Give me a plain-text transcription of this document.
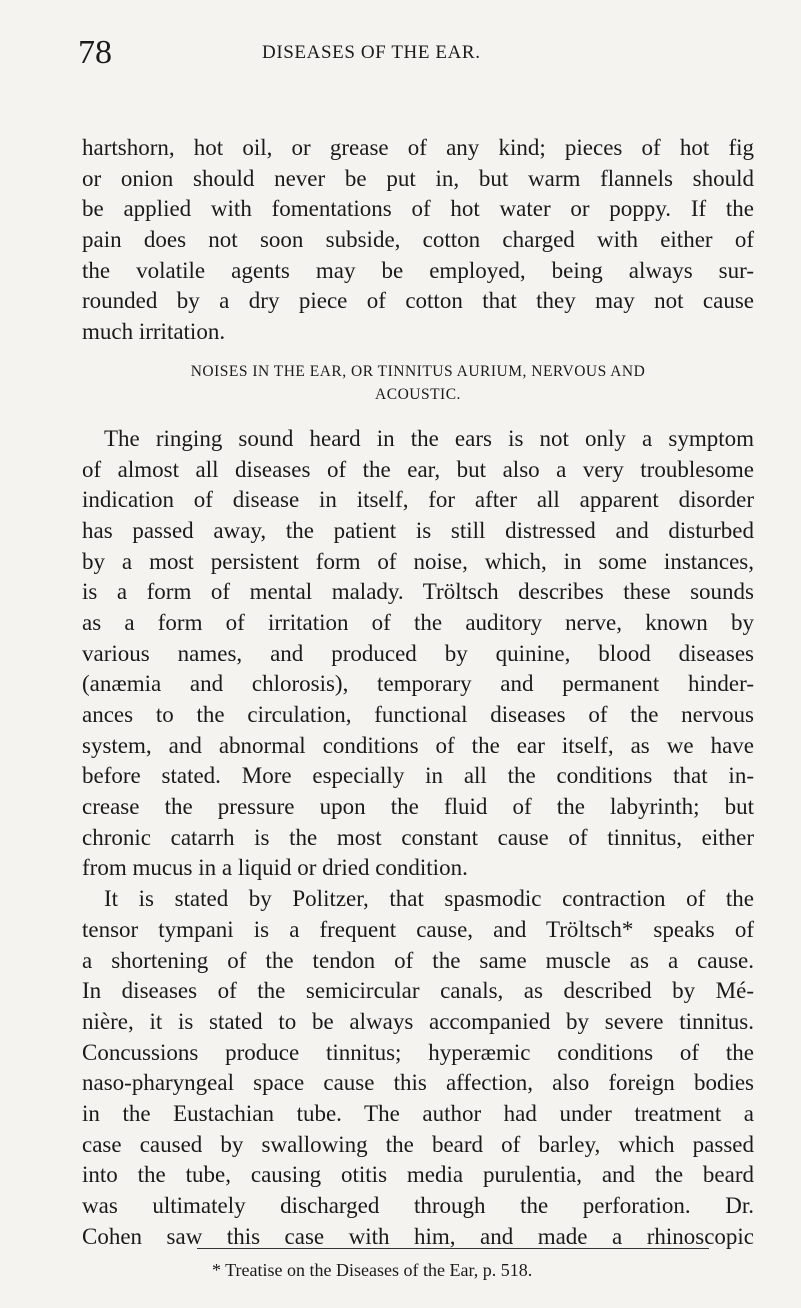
78	DISEASES OF THE EAR.
hartshorn, hot oil, or grease of any kind; pieces of hot fig
or onion should never be put in, but warm flannels should
be applied with fomentations of hot water or poppy. If the
pain does not soon subside, cotton charged with either of
the volatile agents may be employed, being always sur-
rounded by a dry piece of cotton that they may not cause
much irritation.
NOISES IN THE EAR, OR TINNITUS AURIUM, NERVOUS AND
ACOUSTIC.
The ringing sound heard in the ears is not only a symptom
of almost all diseases of the ear, but also a very troublesome
indication of disease in itself, for after all apparent disorder
has passed away, the patient is still distressed and disturbed
by a most persistent form of noise, which, in some instances,
is a form of mental malady. Tröltsch describes these sounds
as a form of irritation of the auditory nerve, known by
various names, and produced by quinine, blood diseases
(anæmia and chlorosis), temporary and permanent hinder-
ances to the circulation, functional diseases of the nervous
system, and abnormal conditions of the ear itself, as we have
before stated. More especially in all the conditions that in-
crease the pressure upon the fluid of the labyrinth; but
chronic catarrh is the most constant cause of tinnitus, either
from mucus in a liquid or dried condition.
It is stated by Politzer, that spasmodic contraction of the
tensor tympani is a frequent cause, and Tröltsch* speaks of
a shortening of the tendon of the same muscle as a cause.
In diseases of the semicircular canals, as described by Mé-
nière, it is stated to be always accompanied by severe tinnitus.
Concussions produce tinnitus; hyperæmic conditions of the
naso-pharyngeal space cause this affection, also foreign bodies
in the Eustachian tube. The author had under treatment a
case caused by swallowing the beard of barley, which passed
into the tube, causing otitis media purulentia, and the beard
was ultimately discharged through the perforation. Dr.
Cohen saw this case with him, and made a rhinoscopic
* Treatise on the Diseases of the Ear, p. 518.
